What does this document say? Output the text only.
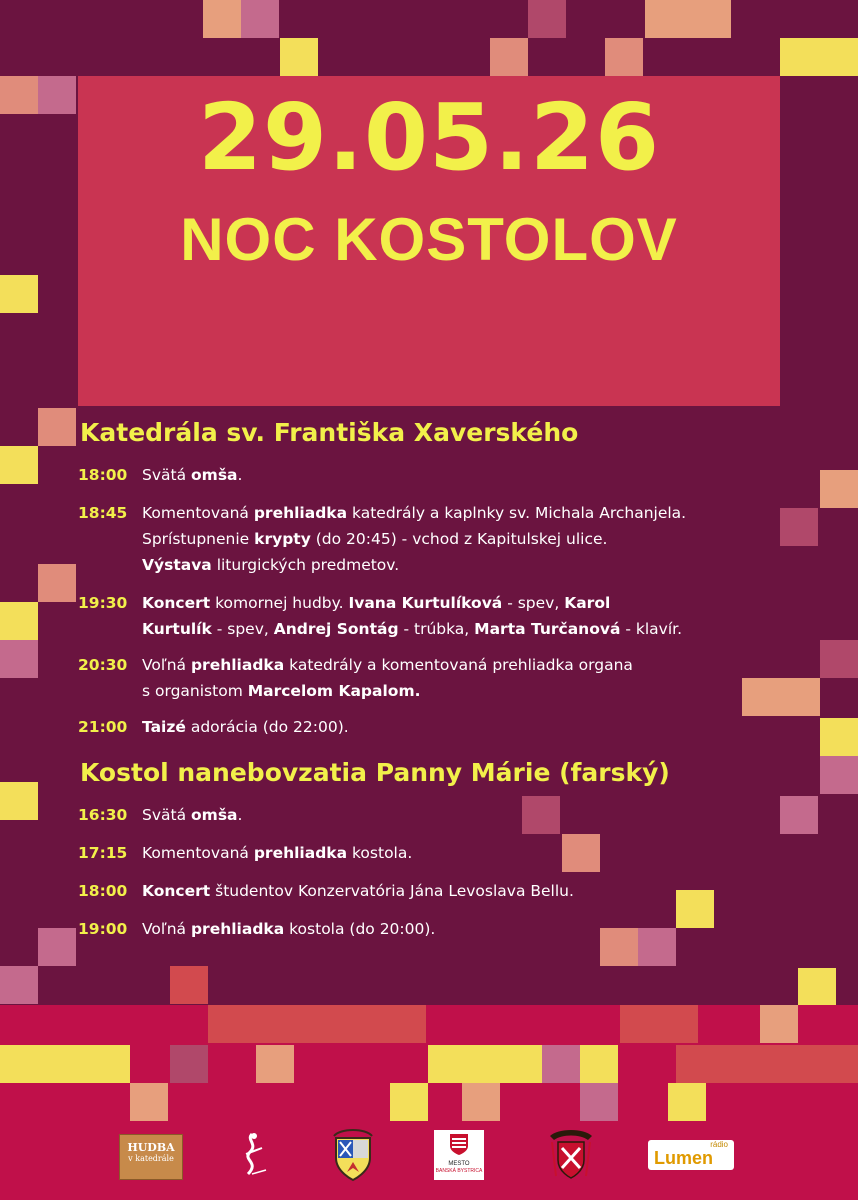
29.05.26
NOC KOSTOLOV
Katedrála sv. Františka Xaverského
18:00 Svätá omša.
18:45 Komentovaná prehliadka katedrály a kaplnky sv. Michala Archanjela.
Sprístupnenie krypty (do 20:45) - vchod z Kapitulskej ulice.
Výstava liturgických predmetov.
19:30 Koncert komornej hudby. Ivana Kurtulíková - spev, Karol
Kurtulík - spev, Andrej Sontág - trúbka, Marta Turčanová - klavír.
20:30 Voľná prehliadka katedrály a komentovaná prehliadka organa
s organistom Marcelom Kapalom.
21:00 Taizé adorácia (do 22:00).
Kostol nanebovzatia Panny Márie (farský)
16:30 Svätá omša.
17:15 Komentovaná prehliadka kostola.
18:00 Koncert študentov Konzervatória Jána Levoslava Bellu.
19:00 Voľná prehliadka kostola (do 20:00).
HUDBA
v katedrále
MESTO
BANSKÁ BYSTRICA
rádio
Lumen
